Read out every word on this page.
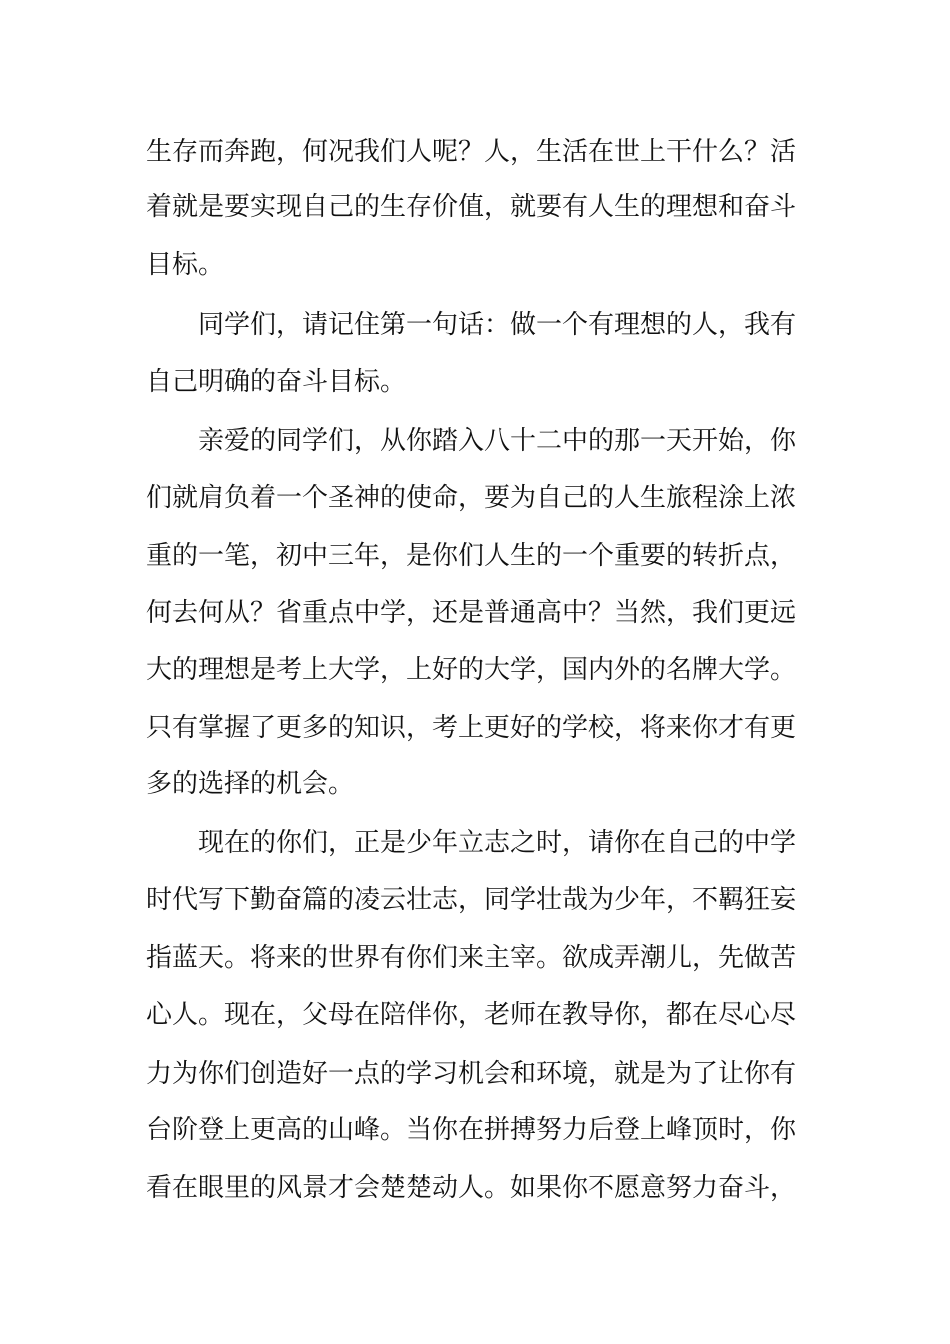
生存而奔跑，何况我们人呢？人，生活在世上干什么？活
着就是要实现自己的生存价值，就要有人生的理想和奋斗
目标。
同学们，请记住第一句话：做一个有理想的人，我有
自己明确的奋斗目标。
亲爱的同学们，从你踏入八十二中的那一天开始，你
们就肩负着一个圣神的使命，要为自己的人生旅程涂上浓
重的一笔，初中三年，是你们人生的一个重要的转折点，
何去何从？省重点中学，还是普通高中？当然，我们更远
大的理想是考上大学，上好的大学，国内外的名牌大学。
只有掌握了更多的知识，考上更好的学校，将来你才有更
多的选择的机会。
现在的你们，正是少年立志之时，请你在自己的中学
时代写下勤奋篇的凌云壮志，同学壮哉为少年，不羁狂妄
指蓝天。将来的世界有你们来主宰。欲成弄潮儿，先做苦
心人。现在，父母在陪伴你，老师在教导你，都在尽心尽
力为你们创造好一点的学习机会和环境，就是为了让你有
台阶登上更高的山峰。当你在拼搏努力后登上峰顶时，你
看在眼里的风景才会楚楚动人。如果你不愿意努力奋斗，
